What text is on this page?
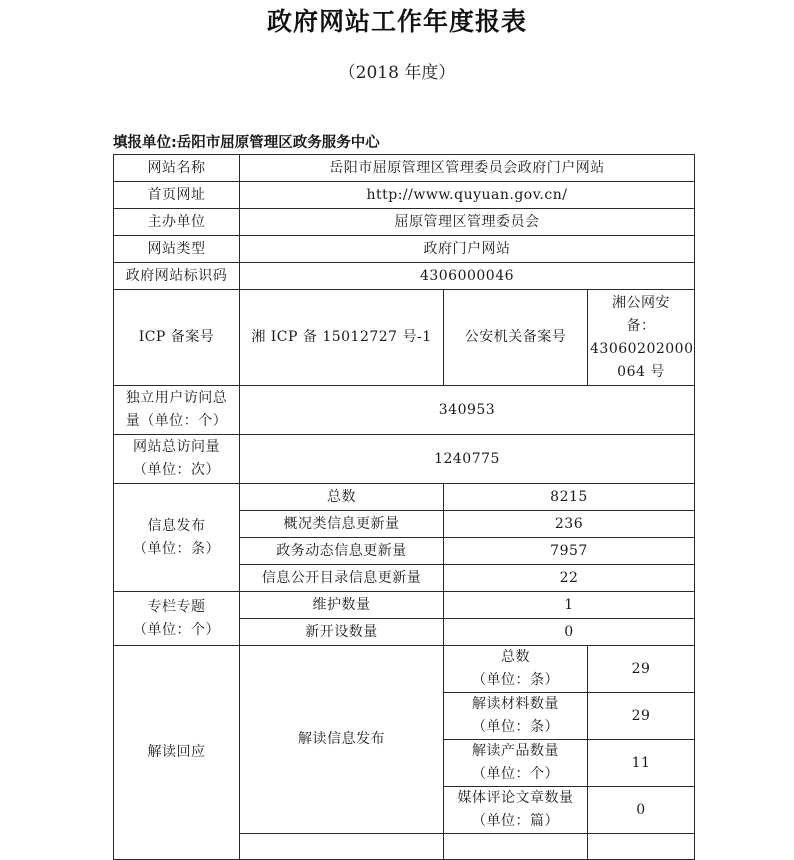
政府网站工作年度报表
（2018 年度）
填报单位:岳阳市屈原管理区政务服务中心
网站名称	岳阳市屈原管理区管理委员会政府门户网站		
首页网址	http://www.quyuan.gov.cn/		
主办单位	屈原管理区管理委员会		
网站类型	政府门户网站		
政府网站标识码	4306000046		
ICP 备案号	湘 ICP 备 15012727 号-1	公安机关备案号	湘公网安
备：
43060202000
064 号

独立用户访问总
量（单位：个）	340953		

网站总访问量
（单位：次）	1240775		

信息发布
（单位：条）	总数	8215	
	概况类信息更新量	236	
	政务动态信息更新量	7957	
	信息公开目录信息更新量	22	

专栏专题
（单位：个）	维护数量	1	
	新开设数量	0	
解读回应	解读信息发布	总数
（单位：条）	29

		解读材料数量
（单位：条）	29

		解读产品数量
（单位：个）	11

		媒体评论文章数量
（单位：篇）	0
